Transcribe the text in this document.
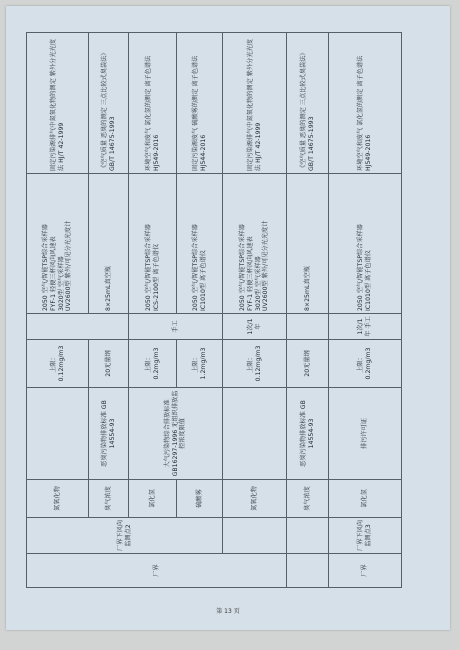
厂界	厂界下风向监测点2	氮氧化物		上限：0.12mg/m3		2050 空气/智能TSP综合采样器
FYF-1 轻便三杯风向风速表
3020型 空气采样器
UV2600型 紫外/可见分光光度计	固定污染源排气中氮氧化物的测定 紫外分光光度法 HJ/T 42-1999
		臭气浓度	恶臭污染物排放标准 GB 14554-93	20无量纲		8×25mL真空瓶	《空气质量 恶臭的测定 三点比较式臭袋法》 GB/T 14675-1993
		氯化氢	大气污染物综合排放标准 GB16297-1996 无组织排放监控浓度限值	上限：0.2mg/m3	手工	2050 空气/智能TSP综合采样器
ICS-2100型 离子色谱仪	环境空气和废气 氯化氢的测定 离子色谱法 HJ549-2016
		硫酸雾		上限：1.2mg/m3		2050 空气/智能TSP综合采样器
IC1010型 离子色谱仪	固定污染源废气 硫酸雾的测定 离子色谱法 HJ544-2016
		氮氧化物		上限：0.12mg/m3	1次/1年	2050 空气/智能TSP综合采样器
FYF-1 轻便三杯风向风速表
3020型 空气采样器
UV2600型 紫外/可见分光光度计	固定污染源排气中氮氧化物的测定 紫外分光光度法 HJ/T 42-1999
		臭气浓度	恶臭污染物排放标准 GB 14554-93	20无量纲		8×25mL真空瓶	《空气质量 恶臭的测定 三点比较式臭袋法》 GB/T 14675-1993
厂界	厂界下风向监测点3	氯化氢	排污许可证	上限：0.2mg/m3	1次/1年 手工	2050 空气/智能TSP综合采样器
IC1010型 离子色谱仪	环境空气和废气 氯化氢的测定 离子色谱法 HJ549-2016
第 13 页
